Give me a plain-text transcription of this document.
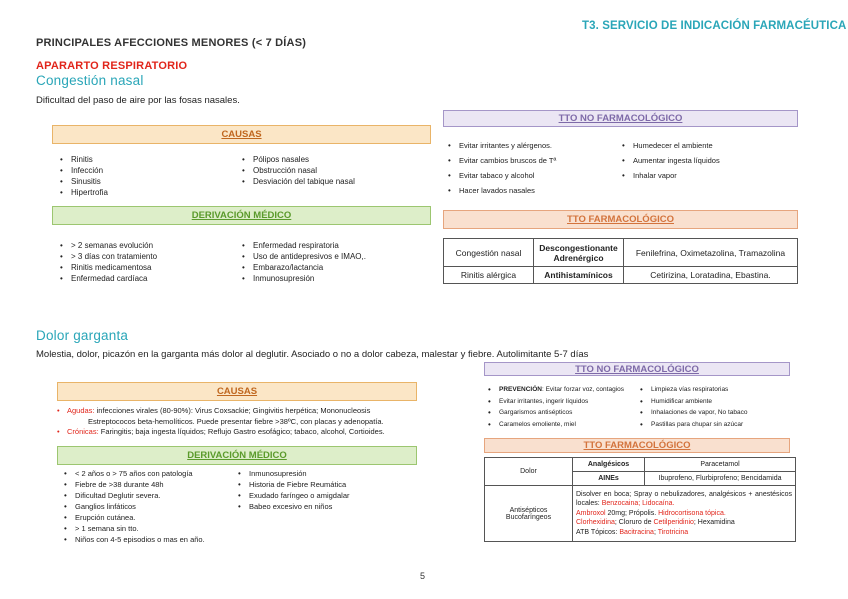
T3. SERVICIO DE INDICACIÓN FARMACÉUTICA
PRINCIPALES AFECCIONES MENORES (< 7 DÍAS)
APARARTO RESPIRATORIO
Congestión nasal
Dificultad del paso de aire por las fosas nasales.
CAUSAS
• Rinitis
• Infección
• Sinusitis
• Hipertrofia
• Pólipos nasales
• Obstrucción nasal
• Desviación del tabique nasal
DERIVACIÓN MÉDICO
• > 2 semanas evolución
• > 3 días con tratamiento
• Rinitis medicamentosa
• Enfermedad cardíaca
• Enfermedad respiratoria
• Uso de antidepresivos e IMAO,.
• Embarazo/lactancia
• Inmunosupresión
TTO NO FARMACOLÓGICO
• Evitar irritantes y alérgenos.
• Evitar cambios bruscos de Tª
• Evitar tabaco y alcohol
• Hacer lavados nasales
• Humedecer el ambiente
• Aumentar ingesta líquidos
• Inhalar vapor
TTO FARMACOLÓGICO
Congestión nasal	Descongestionante Adrenérgico	Fenilefrina, Oximetazolina, Tramazolina
Rinitis alérgica	Antihistamínicos	Cetirizina, Loratadina, Ebastina.
Dolor garganta
Molestia, dolor, picazón en la garganta más dolor al deglutir. Asociado o no a dolor cabeza, malestar y fiebre. Autolimitante 5-7 días
CAUSAS
• Agudas: infecciones virales (80-90%): Virus Coxsackie; Gingivitis herpética; Mononucleosis
Estreptococos beta-hemolíticos. Puede presentar fiebre >38ºC, con placas y adenopatía.
• Crónicas: Faringitis; baja ingesta líquidos; Reflujo Gastro esofágico; tabaco, alcohol, Cortioides.
DERIVACIÓN MÉDICO
• < 2 años o > 75 años con patología
• Fiebre de >38 durante 48h
• Dificultad Deglutir severa.
• Ganglios linfáticos
• Erupción cutánea.
• > 1 semana sin tto.
• Niños con 4-5 episodios o mas en año.
• Inmunosupresión
• Historia de Fiebre Reumática
• Exudado faríngeo o amigdalar
• Babeo excesivo en niños
TTO NO FARMACOLÓGICO
• PREVENCIÓN: Evitar forzar voz, contagios
• Evitar irritantes, ingerir líquidos
• Gargarismos antisépticos
• Caramelos emoliente, miel
• Limpieza vías respiratorias
• Humidificar ambiente
• Inhalaciones de vapor, No tabaco
• Pastillas para chupar sin azúcar
TTO FARMACOLÓGICO
Dolor	Analgésicos	Paracetamol
	AINEs	Ibuprofeno, Flurbiprofeno; Bencidamida
Antisépticos Bucofaríngeos	Disolver en boca; Spray o nebulizadores, analgésicos + anestésicos locales: Benzocaina; Lidocaína.
Ambroxol 20mg; Própolis. Hidrocortisona tópica.
Clorhexidina; Cloruro de Cetilperidinio; Hexamidina
ATB Tópicos: Bacitracina; Tirotricina	
5
